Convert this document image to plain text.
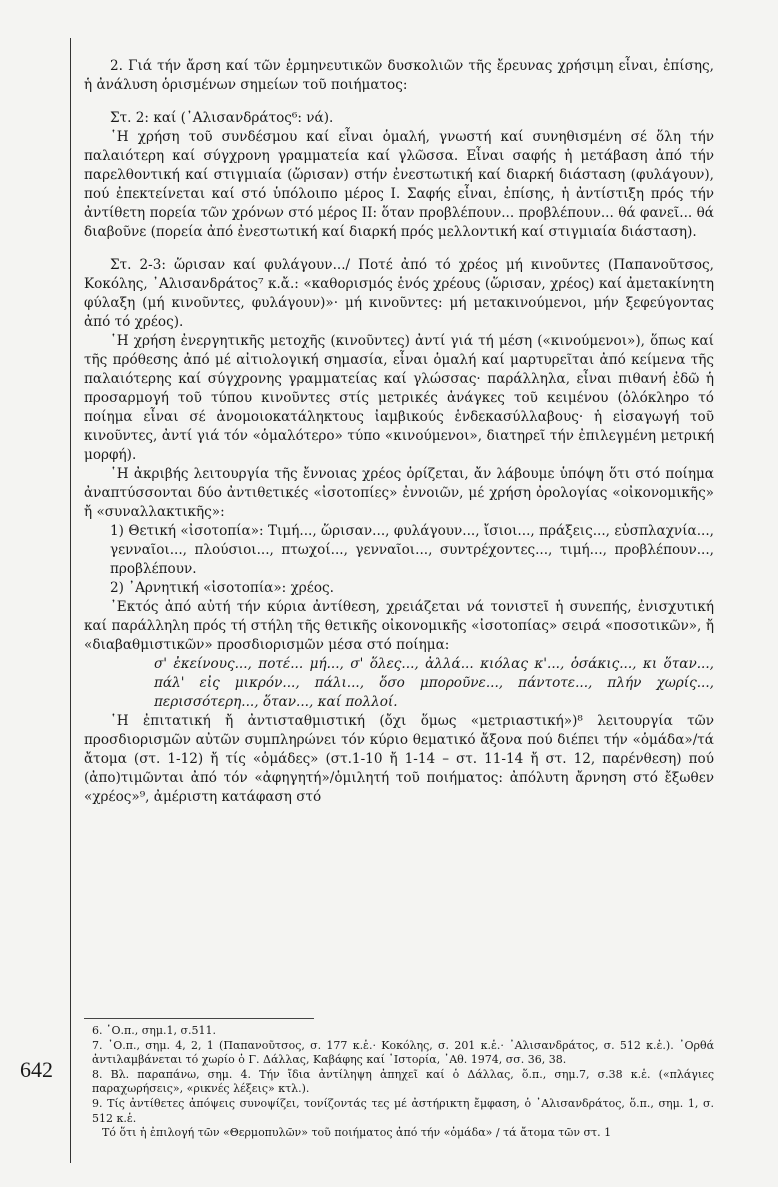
642

2. Γιά τήν ἄρση καί τῶν ἑρμηνευτικῶν δυσκολιῶν τῆς ἔρευνας χρήσιμη εἶναι, ἐπίσης, ἡ ἀνάλυση ὁρισμένων σημείων τοῦ ποιήματος:

Στ. 2: καί (᾿Αλισανδράτος⁶: νά).

῾Η χρήση τοῦ συνδέσμου καί εἶναι ὁμαλή, γνωστή καί συνηθισμένη σέ ὅλη τήν παλαιότερη καί σύγχρονη γραμματεία καί γλῶσσα. Εἶναι σαφής ἡ μετάβαση ἀπό τήν παρελθοντική καί στιγμιαία (ὥρισαν) στήν ἐνεστωτική καί διαρκή διάσταση (φυλάγουν), πού ἐπεκτείνεται καί στό ὑπόλοιπο μέρος Ι. Σαφής εἶναι, ἐπίσης, ἡ ἀντίστιξη πρός τήν ἀντίθετη πορεία τῶν χρόνων στό μέρος ΙΙ: ὅταν προβλέπουν... προβλέπουν... θά φανεῖ... θά διαβοῦνε (πορεία ἀπό ἐνεστωτική καί διαρκή πρός μελλοντική καί στιγμιαία διάσταση).

Στ. 2-3: ὥρισαν καί φυλάγουν.../ Ποτέ ἀπό τό χρέος μή κινοῦντες (Παπανοῦτσος, Κοκόλης, ᾿Αλισανδράτος⁷ κ.ἄ.: «καθορισμός ἑνός χρέους (ὥρισαν, χρέος) καί ἀμετακίνητη φύλαξη (μή κινοῦντες, φυλάγουν)»· μή κινοῦντες: μή μετακινούμενοι, μήν ξεφεύγοντας ἀπό τό χρέος).

῾Η χρήση ἐνεργητικῆς μετοχῆς (κινοῦντες) ἀντί γιά τή μέση («κινούμενοι»), ὅπως καί τῆς πρόθεσης ἀπό μέ αἰτιολογική σημασία, εἶναι ὁμαλή καί μαρτυρεῖται ἀπό κείμενα τῆς παλαιότερης καί σύγχρονης γραμματείας καί γλώσσας· παράλληλα, εἶναι πιθανή ἐδῶ ἡ προσαρμογή τοῦ τύπου κινοῦντες στίς μετρικές ἀνάγκες τοῦ κειμένου (ὁλόκληρο τό ποίημα εἶναι σέ ἀνομοιοκατάληκτους ἰαμβικούς ἑνδεκασύλλαβους· ἡ εἰσαγωγή τοῦ κινοῦντες, ἀντί γιά τόν «ὁμαλότερο» τύπο «κινούμενοι», διατηρεῖ τήν ἐπιλεγμένη μετρική μορφή).

῾Η ἀκριβής λειτουργία τῆς ἔννοιας χρέος ὁρίζεται, ἄν λάβουμε ὑπόψη ὅτι στό ποίημα ἀναπτύσσονται δύο ἀντιθετικές «ἰσοτοπίες» ἐννοιῶν, μέ χρήση ὀρολογίας «οἰκονομικῆς» ἤ «συναλλακτικῆς»:

1) Θετική «ἰσοτοπία»: Τιμή..., ὥρισαν..., φυλάγουν..., ἴσιοι..., πράξεις..., εὐσπλαχνία..., γενναῖοι..., πλούσιοι..., πτωχοί..., γενναῖοι..., συντρέχοντες..., τιμή..., προβλέπουν..., προβλέπουν.

2) ᾿Αρνητική «ἰσοτοπία»: χρέος.

᾿Εκτός ἀπό αὐτή τήν κύρια ἀντίθεση, χρειάζεται νά τονιστεῖ ἡ συνεπής, ἐνισχυτική καί παράλληλη πρός τή στήλη τῆς θετικῆς οἰκονομικῆς «ἰσοτοπίας» σειρά «ποσοτικῶν», ἤ «διαβαθμιστικῶν» προσδιορισμῶν μέσα στό ποίημα:

σ' ἐκείνους..., ποτέ... μή..., σ' ὅλες..., ἀλλά... κιόλας κ'..., ὁσάκις..., κι ὅταν..., πάλ' εἰς μικρόν..., πάλι..., ὅσο μποροῦνε..., πάντοτε..., πλήν χωρίς..., περισσότερη..., ὅταν..., καί πολλοί.

῾Η ἐπιτατική ἤ ἀντισταθμιστική (ὄχι ὅμως «μετριαστική»)⁸ λειτουργία τῶν προσδιορισμῶν αὐτῶν συμπληρώνει τόν κύριο θεματικό ἄξονα πού διέπει τήν «ὁμάδα»/τά ἄτομα (στ. 1-12) ἤ τίς «ὁμάδες» (στ.1-10 ἤ 1-14 – στ. 11-14 ἤ στ. 12, παρένθεση) πού (ἀπο)τιμῶνται ἀπό τόν «ἀφηγητή»/ὁμιλητή τοῦ ποιήματος: ἀπόλυτη ἄρνηση στό ἔξωθεν «χρέος»⁹, ἀμέριστη κατάφαση στό

6. ῾Ο.π., σημ.1, σ.511.

7. ῾Ο.π., σημ. 4, 2, 1 (Παπανοῦτσος, σ. 177 κ.ἑ.· Κοκόλης, σ. 201 κ.ἑ.· ᾿Αλισανδράτος, σ. 512 κ.ἑ.). ᾿Ορθά ἀντιλαμβάνεται τό χωρίο ὁ Γ. Δάλλας, Καβάφης καί ῾Ιστορία, ᾿Αθ. 1974, σσ. 36, 38.

8. Βλ. παραπάνω, σημ. 4. Τήν ἴδια ἀντίληψη ἀπηχεῖ καί ὁ Δάλλας, ὅ.π., σημ.7, σ.38 κ.ἑ. («πλάγιες παραχωρήσεις», «ρικνές λέξεις» κτλ.).

9. Τίς ἀντίθετες ἀπόψεις συνοψίζει, τονίζοντάς τες μέ ἀστήρικτη ἔμφαση, ὁ ᾿Αλισανδράτος, ὅ.π., σημ. 1, σ. 512 κ.ἑ.

Τό ὅτι ἡ ἐπιλογή τῶν «Θερμοπυλῶν» τοῦ ποιήματος ἀπό τήν «ὁμάδα» / τά ἄτομα τῶν στ. 1
